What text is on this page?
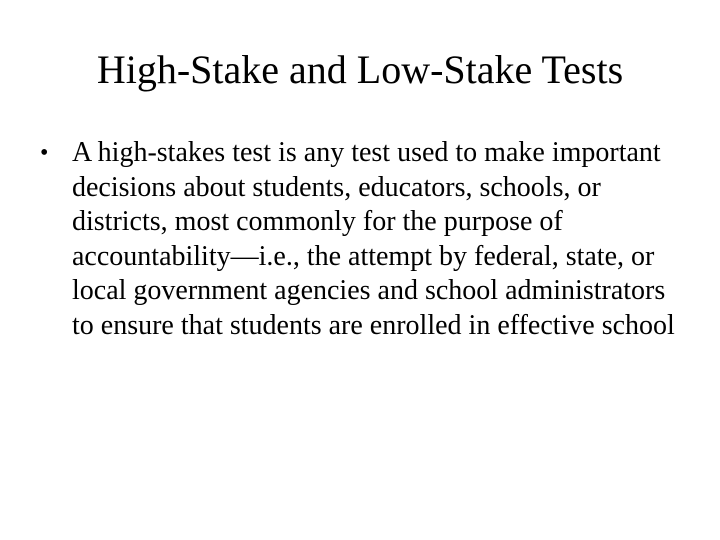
High-Stake and Low-Stake Tests
• A high-stakes test is any test used to make important decisions about students, educators, schools, or districts, most commonly for the purpose of accountability—i.e., the attempt by federal, state, or local government agencies and school administrators to ensure that students are enrolled in effective school
